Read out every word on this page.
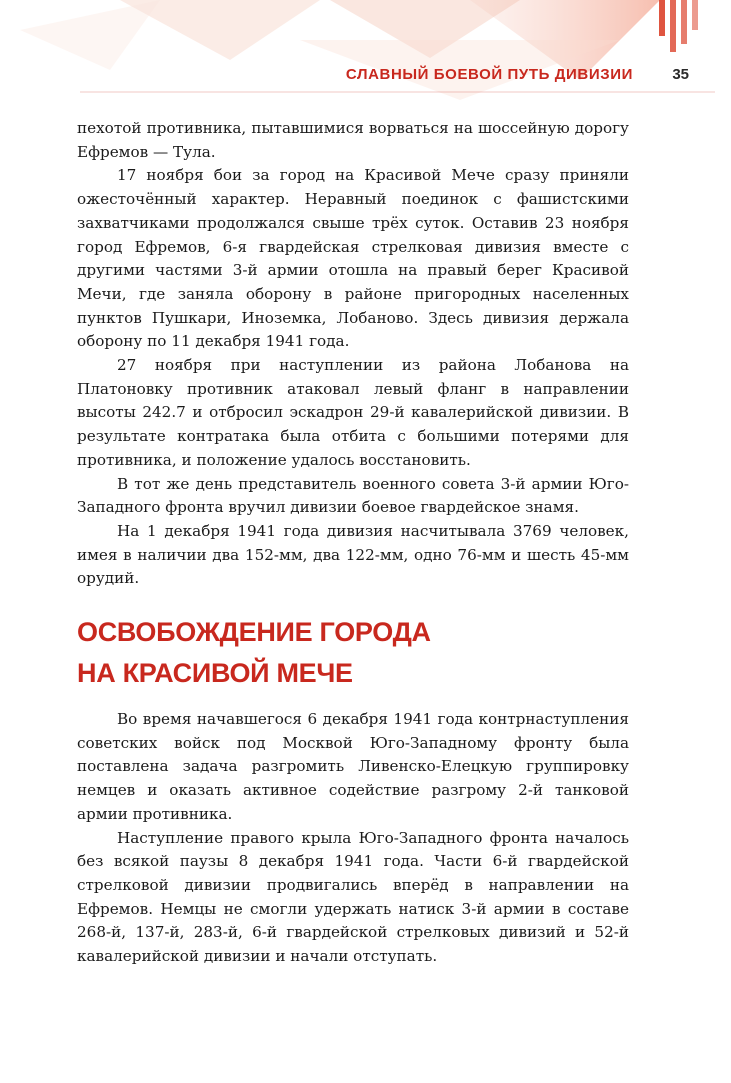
СЛАВНЫЙ БОЕВОЙ ПУТЬ ДИВИЗИИ	35

пехотой противника, пытавшимися ворваться на шоссейную дорогу Ефремов — Тула.

17 ноября бои за город на Красивой Мече сразу приняли ожесточённый характер. Неравный поединок с фашистскими захватчиками продолжался свыше трёх суток. Оставив 23 ноября город Ефремов, 6-я гвардейская стрелковая дивизия вместе с другими частями 3-й армии отошла на правый берег Красивой Мечи, где заняла оборону в районе пригородных населенных пунктов Пушкари, Иноземка, Лобаново. Здесь дивизия держала оборону по 11 декабря 1941 года.

27 ноября при наступлении из района Лобанова на Платоновку противник атаковал левый фланг в направлении высоты 242.7 и отбросил эскадрон 29-й кавалерийской дивизии. В результате контратака была отбита с большими потерями для противника, и положение удалось восстановить.

В тот же день представитель военного совета 3-й армии Юго-Западного фронта вручил дивизии боевое гвардейское знамя.

На 1 декабря 1941 года дивизия насчитывала 3769 человек, имея в наличии два 152-мм, два 122-мм, одно 76-мм и шесть 45-мм орудий.

ОСВОБОЖДЕНИЕ ГОРОДА
НА КРАСИВОЙ МЕЧЕ

Во время начавшегося 6 декабря 1941 года контрнаступления советских войск под Москвой Юго-Западному фронту была поставлена задача разгромить Ливенско-Елецкую группировку немцев и оказать активное содействие разгрому 2-й танковой армии противника.

Наступление правого крыла Юго-Западного фронта началось без всякой паузы 8 декабря 1941 года. Части 6-й гвардейской стрелковой дивизии продвигались вперёд в направлении на Ефремов. Немцы не смогли удержать натиск 3-й армии в составе 268-й, 137-й, 283-й, 6-й гвардейской стрелковых дивизий и 52-й кавалерийской дивизии и начали отступать.
